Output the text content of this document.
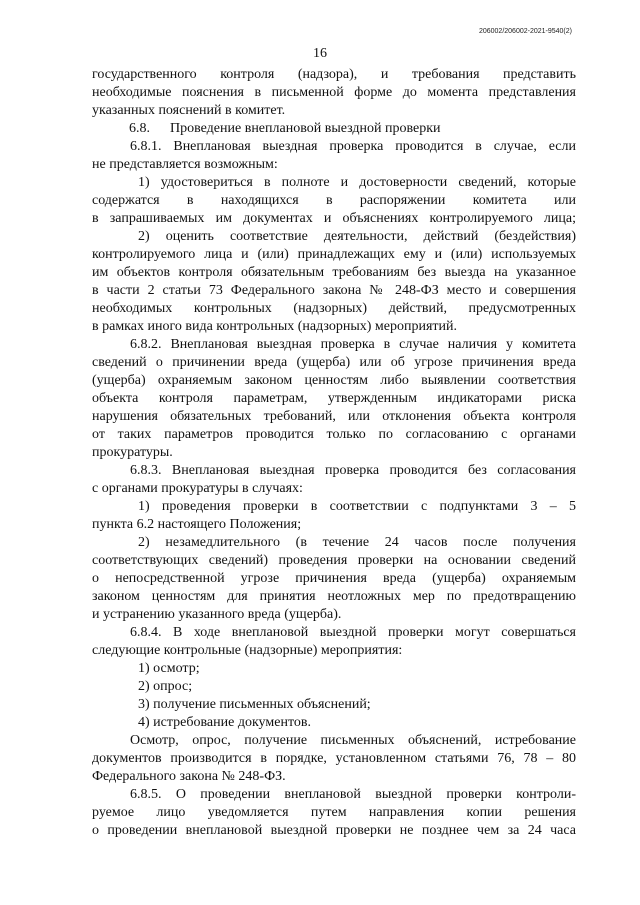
206002/206002-2021-9540(2)
16
государственного контроля (надзора), и требования представить
необходимые пояснения в письменной форме до момента представления
указанных пояснений в комитет.
6.8. Проведение внеплановой выездной проверки
6.8.1. Внеплановая выездная проверка проводится в случае, если
не представляется возможным:
1) удостовериться в полноте и достоверности сведений, которые
содержатся в находящихся в распоряжении комитета или
в запрашиваемых им документах и объяснениях контролируемого лица;
2) оценить соответствие деятельности, действий (бездействия)
контролируемого лица и (или) принадлежащих ему и (или) используемых
им объектов контроля обязательным требованиям без выезда на указанное
в части 2 статьи 73 Федерального закона № 248-ФЗ место и совершения
необходимых контрольных (надзорных) действий, предусмотренных
в рамках иного вида контрольных (надзорных) мероприятий.
6.8.2. Внеплановая выездная проверка в случае наличия у комитета
сведений о причинении вреда (ущерба) или об угрозе причинения вреда
(ущерба) охраняемым законом ценностям либо выявлении соответствия
объекта контроля параметрам, утвержденным индикаторами риска
нарушения обязательных требований, или отклонения объекта контроля
от таких параметров проводится только по согласованию с органами
прокуратуры.
6.8.3. Внеплановая выездная проверка проводится без согласования
с органами прокуратуры в случаях:
1) проведения проверки в соответствии с подпунктами 3 – 5
пункта 6.2 настоящего Положения;
2) незамедлительного (в течение 24 часов после получения
соответствующих сведений) проведения проверки на основании сведений
о непосредственной угрозе причинения вреда (ущерба) охраняемым
законом ценностям для принятия неотложных мер по предотвращению
и устранению указанного вреда (ущерба).
6.8.4. В ходе внеплановой выездной проверки могут совершаться
следующие контрольные (надзорные) мероприятия:
1) осмотр;
2) опрос;
3) получение письменных объяснений;
4) истребование документов.
Осмотр, опрос, получение письменных объяснений, истребование
документов производится в порядке, установленном статьями 76, 78 – 80
Федерального закона № 248-ФЗ.
6.8.5. О проведении внеплановой выездной проверки контроли-
руемое лицо уведомляется путем направления копии решения
о проведении внеплановой выездной проверки не позднее чем за 24 часа
